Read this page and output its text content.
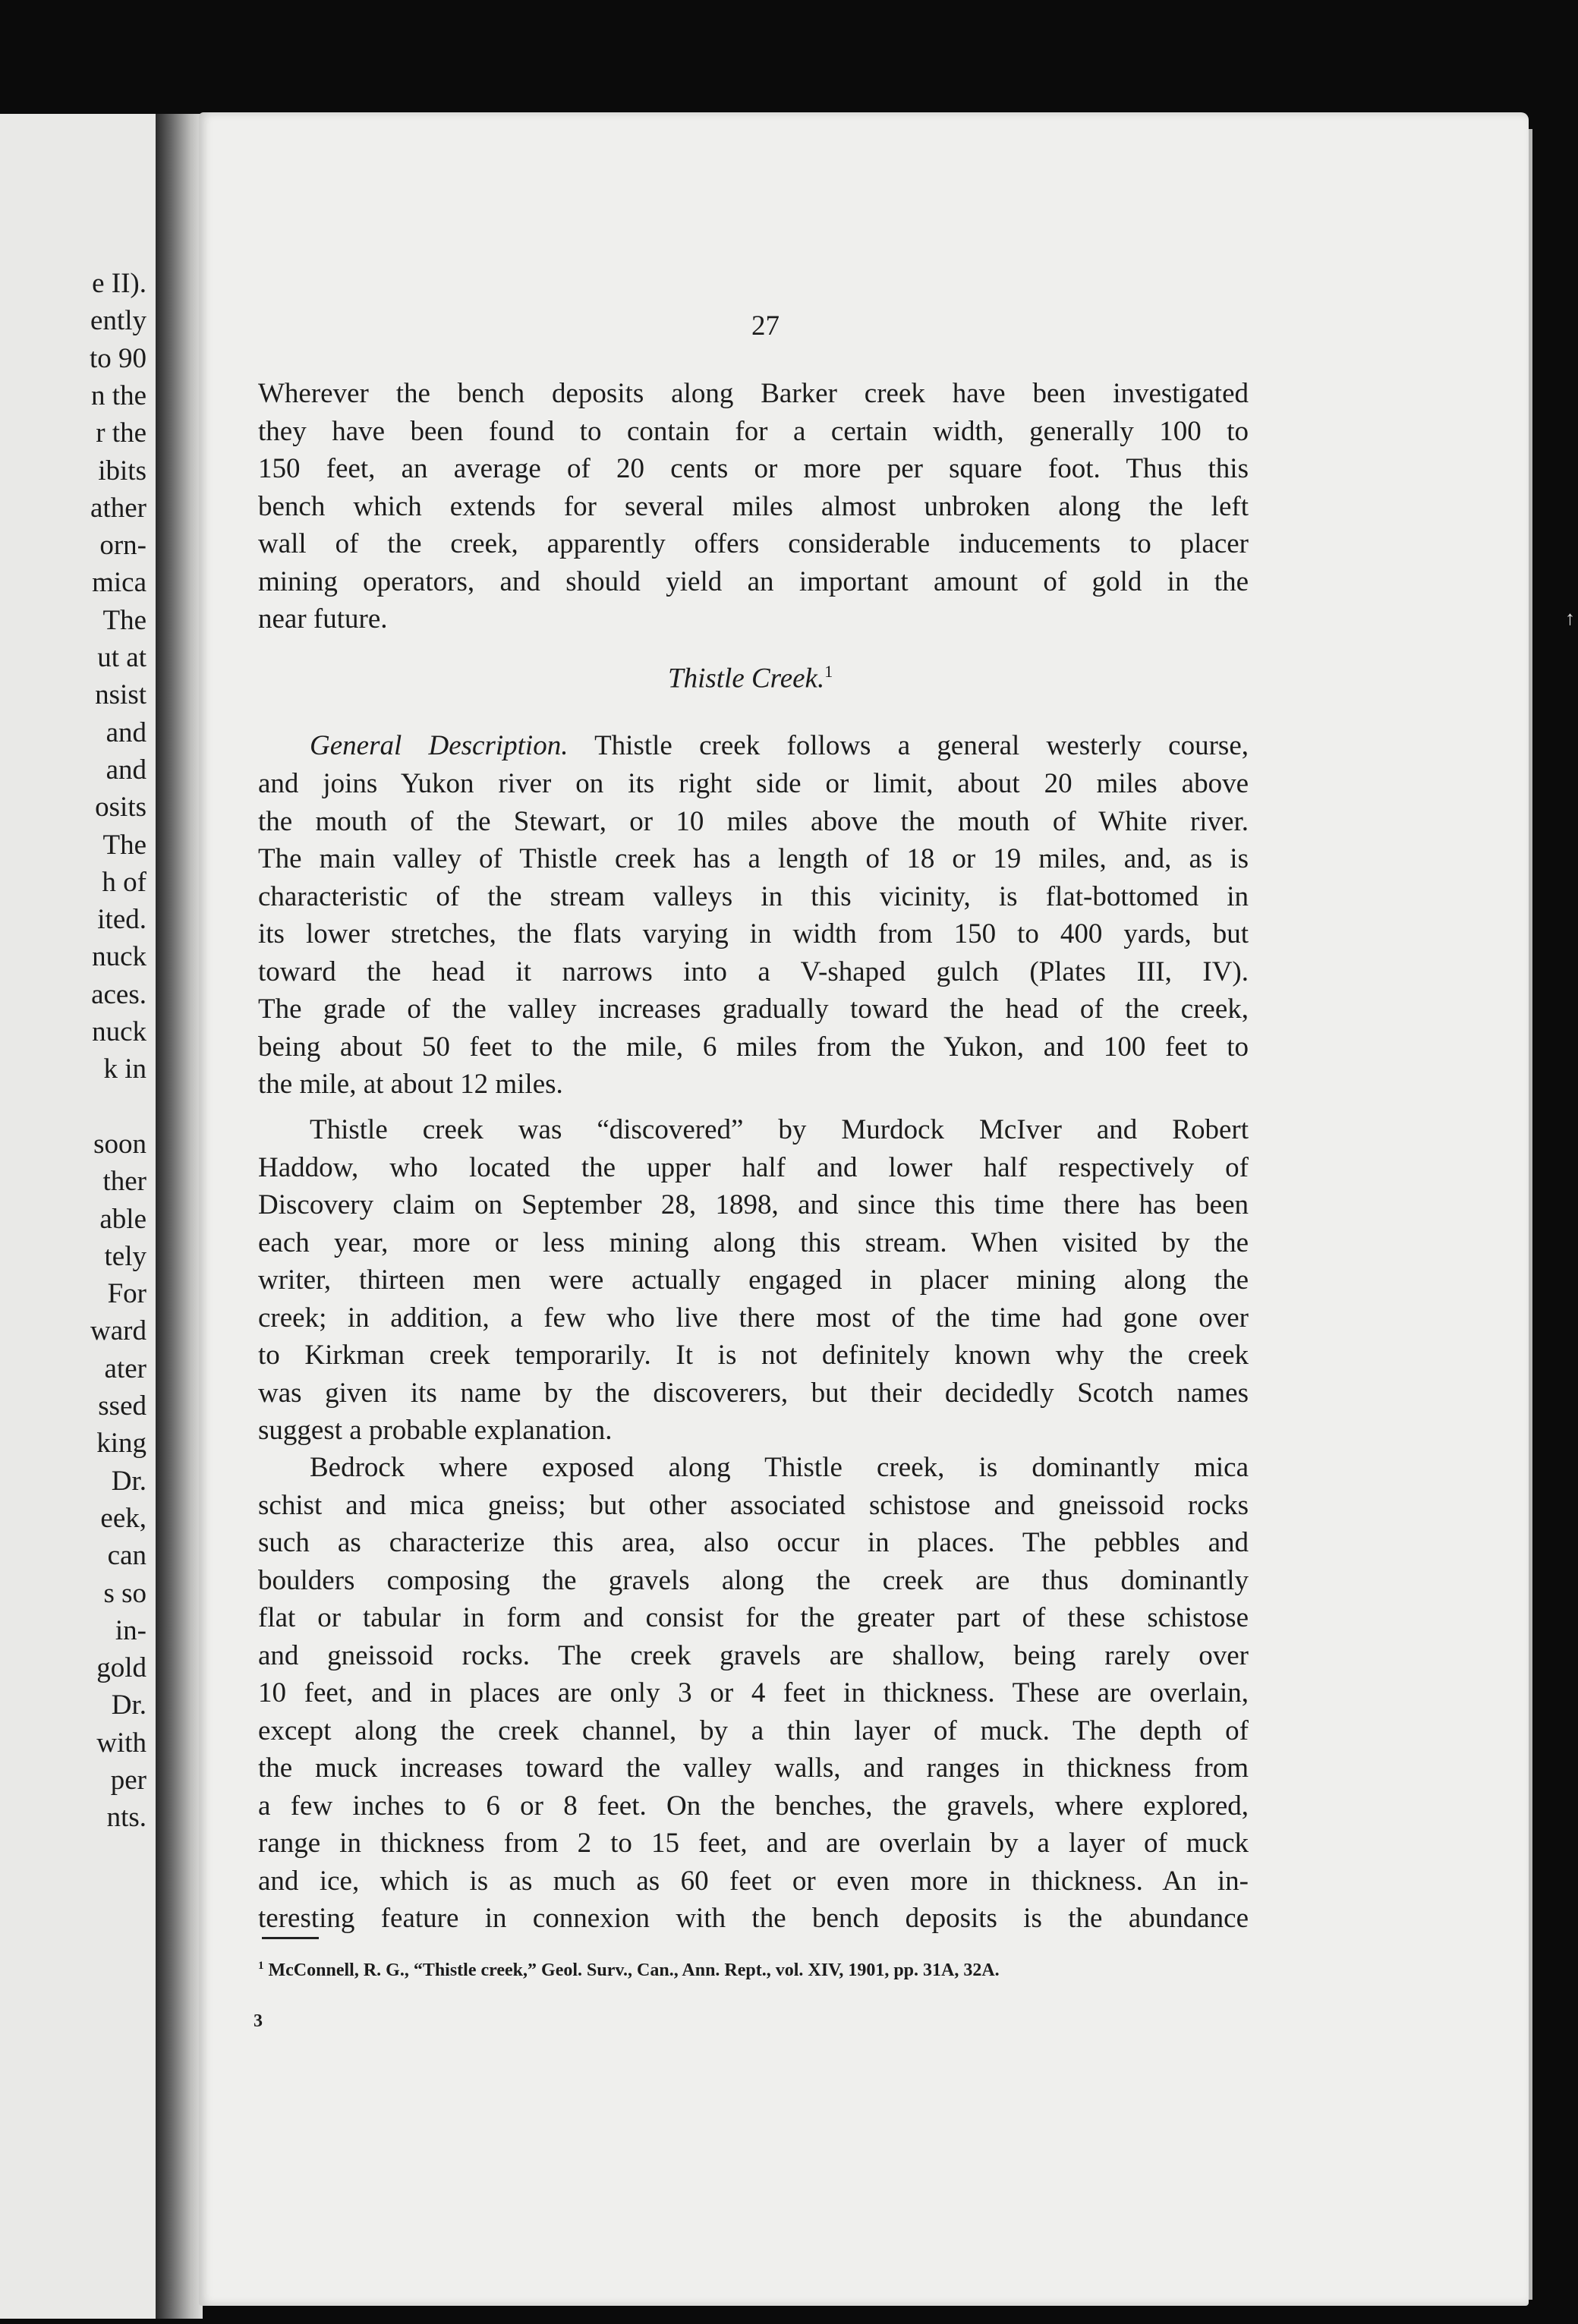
e II).
ently
to 90
n the
r the
ibits
ather
orn-
mica
The
ut at
nsist
and
and
osits
The
h of
ited.
nuck
aces.
nuck
k in
soon
ther
able
tely
For
ward
ater
ssed
king
Dr.
eek,
can
s so
in-
gold
Dr.
with
per
nts.
27
Wherever the bench deposits along Barker creek have been investigated
they have been found to contain for a certain width, generally 100 to
150 feet, an average of 20 cents or more per square foot. Thus this
bench which extends for several miles almost unbroken along the left
wall of the creek, apparently offers considerable inducements to placer
mining operators, and should yield an important amount of gold in the
near future.
Thistle Creek.$^1$
General Description. Thistle creek follows a general westerly course,
and joins Yukon river on its right side or limit, about 20 miles above
the mouth of the Stewart, or 10 miles above the mouth of White river.
The main valley of Thistle creek has a length of 18 or 19 miles, and, as is
characteristic of the stream valleys in this vicinity, is flat-bottomed in
its lower stretches, the flats varying in width from 150 to 400 yards, but
toward the head it narrows into a V-shaped gulch (Plates III, IV).
The grade of the valley increases gradually toward the head of the creek,
being about 50 feet to the mile, 6 miles from the Yukon, and 100 feet to
the mile, at about 12 miles.
Thistle creek was “discovered” by Murdock McIver and Robert
Haddow, who located the upper half and lower half respectively of
Discovery claim on September 28, 1898, and since this time there has been
each year, more or less mining along this stream. When visited by the
writer, thirteen men were actually engaged in placer mining along the
creek; in addition, a few who live there most of the time had gone over
to Kirkman creek temporarily. It is not definitely known why the creek
was given its name by the discoverers, but their decidedly Scotch names
suggest a probable explanation.
Bedrock where exposed along Thistle creek, is dominantly mica
schist and mica gneiss; but other associated schistose and gneissoid rocks
such as characterize this area, also occur in places. The pebbles and
boulders composing the gravels along the creek are thus dominantly
flat or tabular in form and consist for the greater part of these schistose
and gneissoid rocks. The creek gravels are shallow, being rarely over
10 feet, and in places are only 3 or 4 feet in thickness. These are overlain,
except along the creek channel, by a thin layer of muck. The depth of
the muck increases toward the valley walls, and ranges in thickness from
a few inches to 6 or 8 feet. On the benches, the gravels, where explored,
range in thickness from 2 to 15 feet, and are overlain by a layer of muck
and ice, which is as much as 60 feet or even more in thickness. An in-
teresting feature in connexion with the bench deposits is the abundance
$^1$ McConnell, R. G., “Thistle creek,” Geol. Surv., Can., Ann. Rept., vol. XIV, 1901, pp. 31A, 32A.
3
↑
